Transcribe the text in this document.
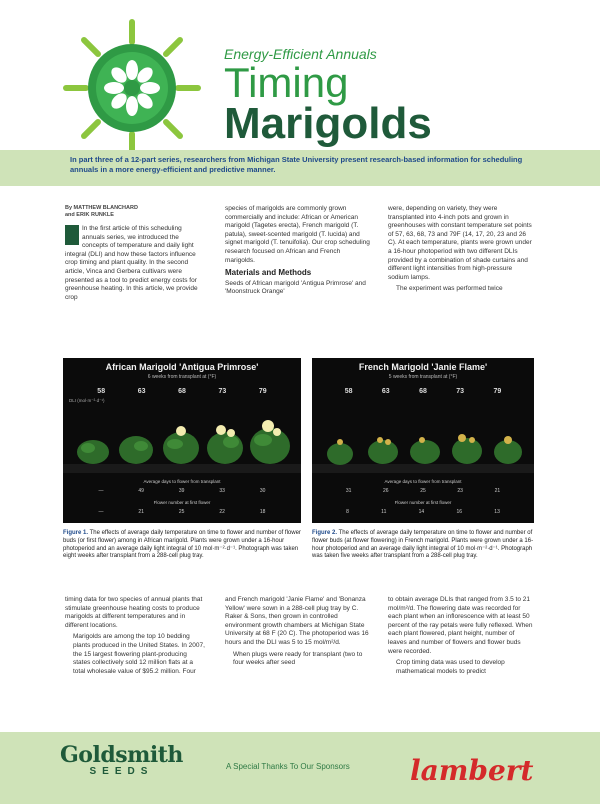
Energy-Efficient Annuals
Timing
Marigolds
In part three of a 12-part series, researchers from Michigan State University present research-based information for scheduling annuals in a more energy-efficient and predictive manner.
By MATTHEW BLANCHARD
and ERIK RUNKLE
In the first article of this scheduling annuals series, we introduced the concepts of temperature and daily light integral (DLI) and how these factors influence crop timing and plant quality. In the second article, Vinca and Gerbera cultivars were presented as a tool to predict energy costs for greenhouse heating. In this article, we provide crop
species of marigolds are commonly grown commercially and include: African or American marigold (Tagetes erecta), French marigold (T. patula), sweet-scented marigold (T. lucida) and signet marigold (T. tenuifolia). Our crop scheduling research focused on African and French marigolds.
Materials and Methods
Seeds of African marigold 'Antigua Primrose' and 'Moonstruck Orange'
were, depending on variety, they were transplanted into 4-inch pots and grown in greenhouses with constant temperature set points of 57, 63, 68, 73 and 79F (14, 17, 20, 23 and 26 C). At each temperature, plants were grown under a 16-hour photoperiod with two different DLIs provided by a combination of shade curtains and different light intensities from high-pressure sodium lamps.
The experiment was performed twice
African Marigold 'Antigua Primrose'
6 weeks from transplant at (°F)
58	63	68	73	79
DLI (mol·m⁻²·d⁻¹)
Average days to flower from transplant
—	49	39	33	30
Flower number at first flower
—	21	25	22	18
French Marigold 'Janie Flame'
5 weeks from transplant at (°F)
58	63	68	73	79
Average days to flower from transplant
31	26	25	23	21
Flower number at first flower
8	11	14	16	13
Figure 1. The effects of average daily temperature on time to flower and number of flower buds (or first flower) among in African marigold. Plants were grown under a 16-hour photoperiod and an average daily light integral of 10 mol·m⁻²·d⁻¹. Photograph was taken eight weeks after transplant from a 288-cell plug tray.
Figure 2. The effects of average daily temperature on time to flower and number of flower buds (at flower flowering) in French marigold. Plants were grown under a 16-hour photoperiod and an average daily light integral of 10 mol·m⁻²·d⁻¹. Photograph was taken five weeks after transplant from a 288-cell plug tray.
timing data for two species of annual plants that stimulate greenhouse heating costs to produce marigolds at different temperatures and in different locations.
Marigolds are among the top 10 bedding plants produced in the United States. In 2007, the 15 largest flowering plant-producing states collectively sold 12 million flats at a total wholesale value of $95.2 million. Four
and French marigold 'Janie Flame' and 'Bonanza Yellow' were sown in a 288-cell plug tray by C. Raker & Sons, then grown in controlled environment growth chambers at Michigan State University at 68 F (20 C). The photoperiod was 16 hours and the DLI was 5 to 15 mol/m²/d.
When plugs were ready for transplant (two to four weeks after seed
to obtain average DLIs that ranged from 3.5 to 21 mol/m²/d. The flowering date was recorded for each plant when an inflorescence with at least 50 percent of the ray petals were fully reflexed. When each plant flowered, plant height, number of leaves and number of flowers and flower buds were recorded.
Crop timing data was used to develop mathematical models to predict
Goldsmith
SEEDS	A Special Thanks To Our Sponsors lambert
